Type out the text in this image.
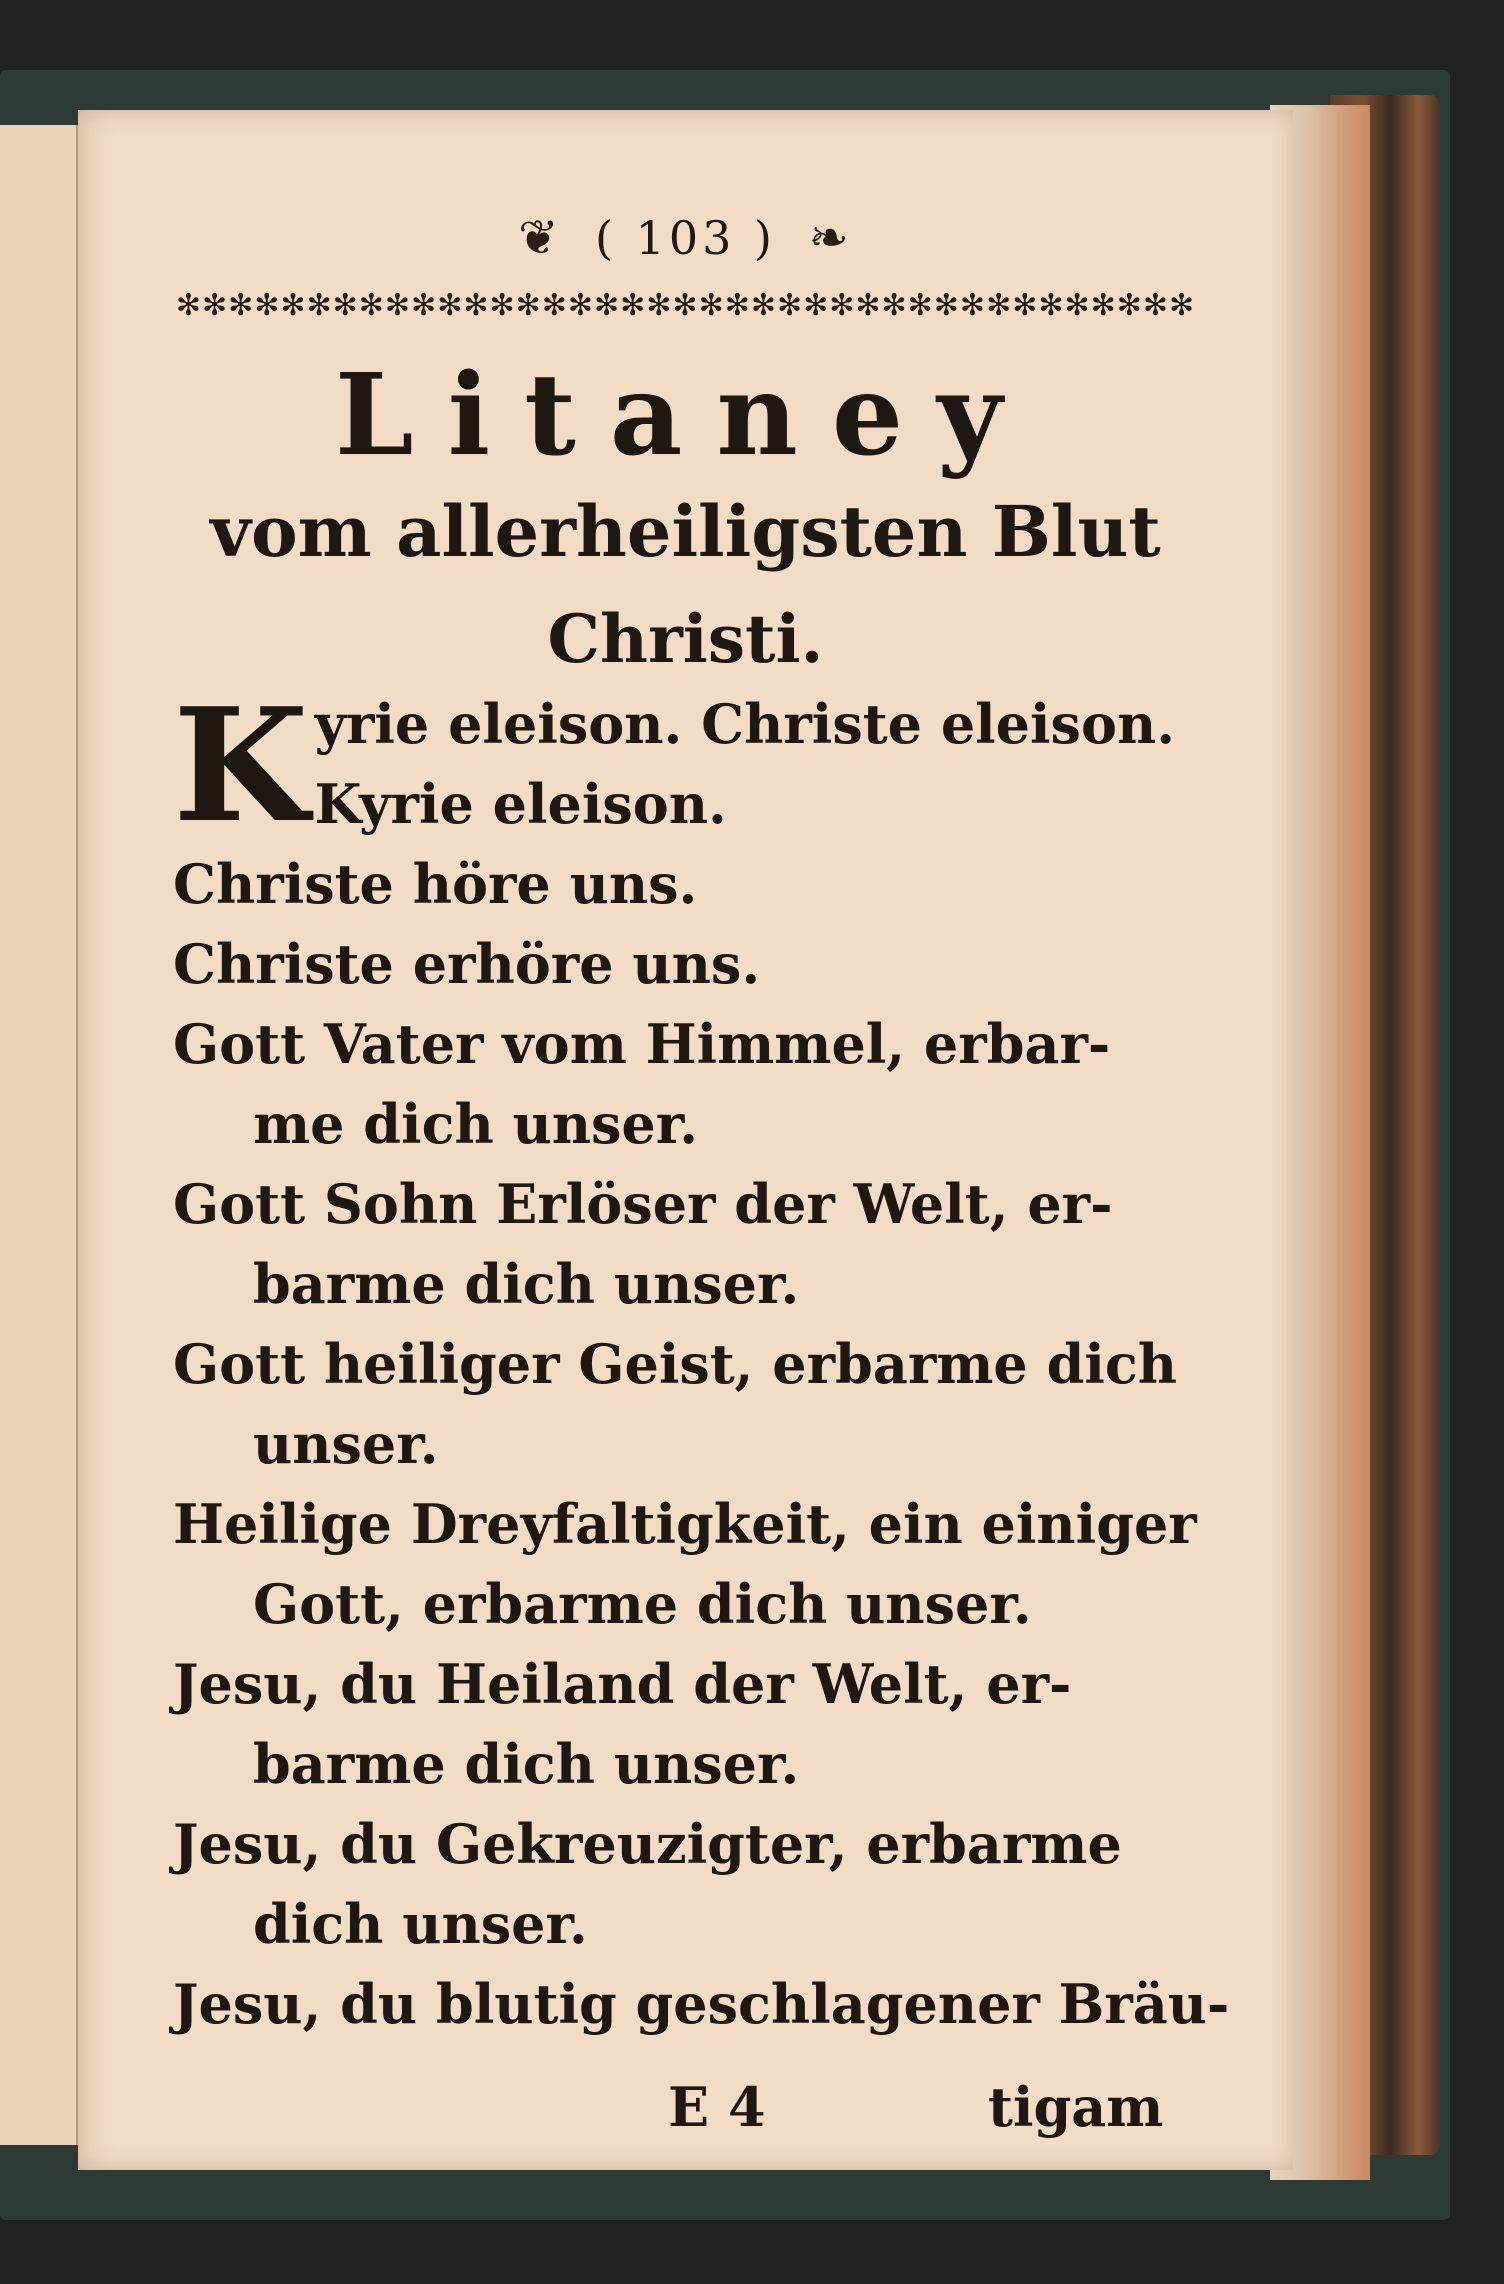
❦ ( 103 ) ❧
✻✻✻✻✻✻✻✻✻✻✻✻✻✻✻✻✻✻✻✻✻✻✻✻✻✻✻✻✻✻✻✻✻✻✻✻✻✻✻
Litaney
vom allerheiligsten Blut
Christi.
K yrie eleison. Christe eleison.
Kyrie eleison.
Christe höre uns.
Christe erhöre uns.
Gott Vater vom Himmel, erbar-
me dich unser.
Gott Sohn Erlöser der Welt, er-
barme dich unser.
Gott heiliger Geist, erbarme dich
unser.
Heilige Dreyfaltigkeit, ein einiger
Gott, erbarme dich unser.
Jesu, du Heiland der Welt, er-
barme dich unser.
Jesu, du Gekreuzigter, erbarme
dich unser.
Jesu, du blutig geschlagener Bräu-
E 4	tigam
